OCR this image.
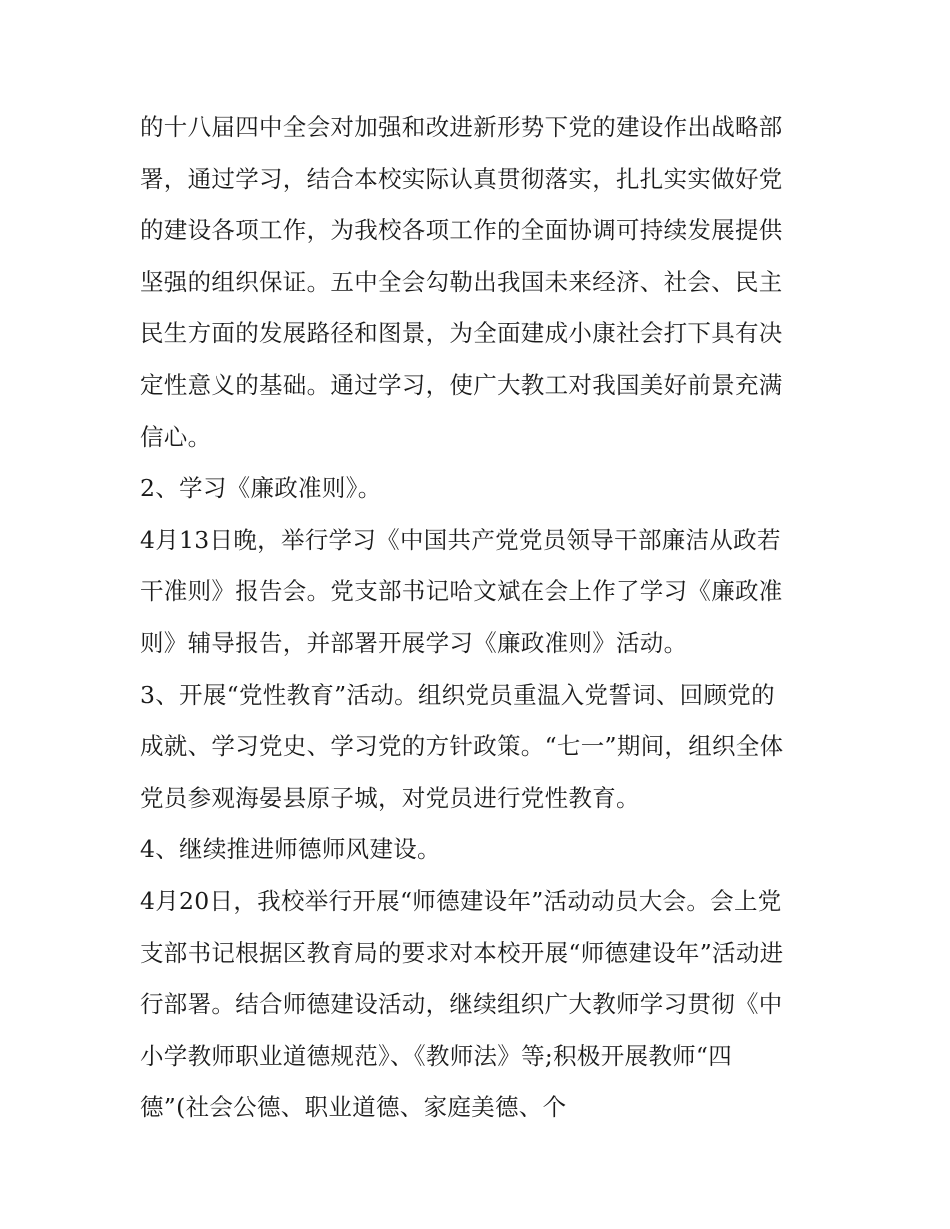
的十八届四中全会对加强和改进新形势下党的建设作出战略部
署，通过学习，结合本校实际认真贯彻落实，扎扎实实做好党
的建设各项工作，为我校各项工作的全面协调可持续发展提供
坚强的组织保证。五中全会勾勒出我国未来经济、社会、民主
民生方面的发展路径和图景，为全面建成小康社会打下具有决
定性意义的基础。通过学习，使广大教工对我国美好前景充满
信心。
2、学习《廉政准则》。
4月13日晚，举行学习《中国共产党党员领导干部廉洁从政若
干准则》报告会。党支部书记哈文斌在会上作了学习《廉政准
则》辅导报告，并部署开展学习《廉政准则》活动。
3、开展“党性教育”活动。组织党员重温入党誓词、回顾党的
成就、学习党史、学习党的方针政策。“七一”期间，组织全体
党员参观海晏县原子城，对党员进行党性教育。
4、继续推进师德师风建设。
4月20日，我校举行开展“师德建设年”活动动员大会。会上党
支部书记根据区教育局的要求对本校开展“师德建设年”活动进
行部署。结合师德建设活动，继续组织广大教师学习贯彻《中
小学教师职业道德规范》、《教师法》等;积极开展教师“四
德”(社会公德、职业道德、家庭美德、个
